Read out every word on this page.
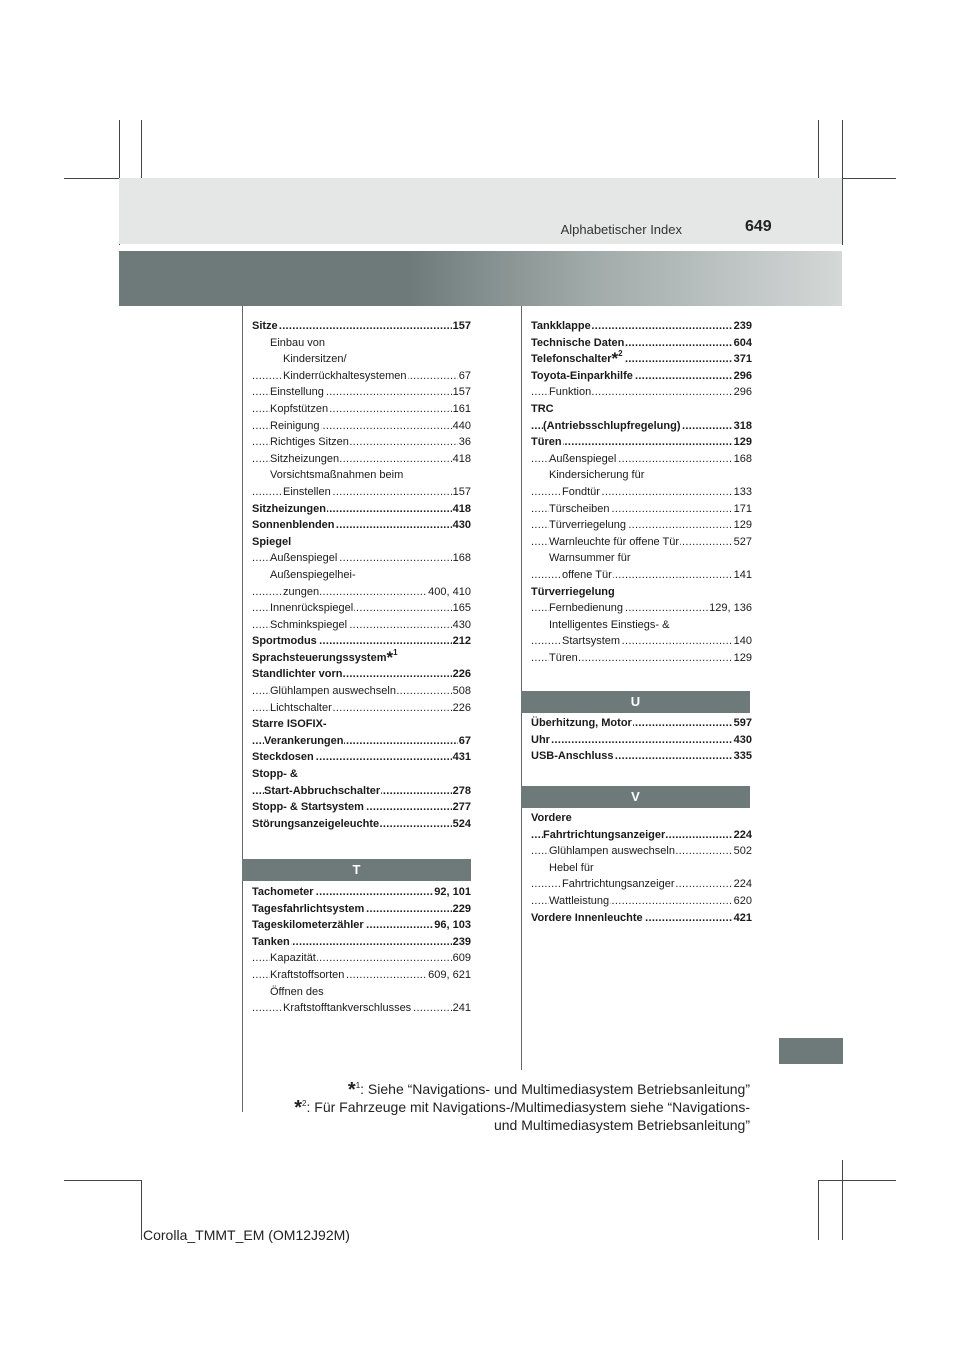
Alphabetischer Index	649
..... Sitze	157
Einbau von
Kindersitzen/
..... Kinderrückhaltesystemen	67
..... Einstellung	157
..... Kopfstützen	161
..... Reinigung	440
..... Richtiges Sitzen	36
..... Sitzheizungen	418
Vorsichtsmaßnahmen beim
..... Einstellen	157
..... Sitzheizungen	418
..... Sonnenblenden	430
Spiegel
..... Außenspiegel	168
Außenspiegelhei-
..... zungen	400, 410
..... Innenrückspiegel	165
..... Schminkspiegel	430
..... Sportmodus	212
Sprachsteuerungssystem*$^1$
..... Standlichter vorn	226
..... Glühlampen auswechseln	508
..... Lichtschalter	226
Starre ISOFIX-
..... Verankerungen	67
..... Steckdosen	431
Stopp- &
..... Start-Abbruchschalter	278
..... Stopp- & Startsystem	277
..... Störungsanzeigeleuchte	524
T
..... Tachometer	92, 101
..... Tagesfahrlichtsystem	229
..... Tageskilometerzähler	96, 103
..... Tanken	239
..... Kapazität	609
..... Kraftstoffsorten	609, 621
Öffnen des
..... Kraftstofftankverschlusses	241
..... Tankklappe	239
..... Technische Daten	604
..... Telefonschalter*$^2$	371
..... Toyota-Einparkhilfe	296
..... Funktion	296
TRC
..... (Antriebsschlupfregelung)	318
..... Türen	129
..... Außenspiegel	168
Kindersicherung für
..... Fondtür	133
..... Türscheiben	171
..... Türverriegelung	129
..... Warnleuchte für offene Tür	527
Warnsummer für
..... offene Tür	141
Türverriegelung
..... Fernbedienung	129, 136
Intelligentes Einstiegs- &
..... Startsystem	140
..... Türen	129
U
..... Überhitzung, Motor	597
..... Uhr	430
..... USB-Anschluss	335
V
Vordere
..... Fahrtrichtungsanzeiger	224
..... Glühlampen auswechseln	502
Hebel für
..... Fahrtrichtungsanzeiger	224
..... Wattleistung	620
..... Vordere Innenleuchte	421
*$^1$: Siehe “Navigations- und Multimediasystem Betriebsanleitung”
*$^2$: Für Fahrzeuge mit Navigations-/Multimediasystem siehe “Navigations-
und Multimediasystem Betriebsanleitung”
Corolla_TMMT_EM (OM12J92M)
